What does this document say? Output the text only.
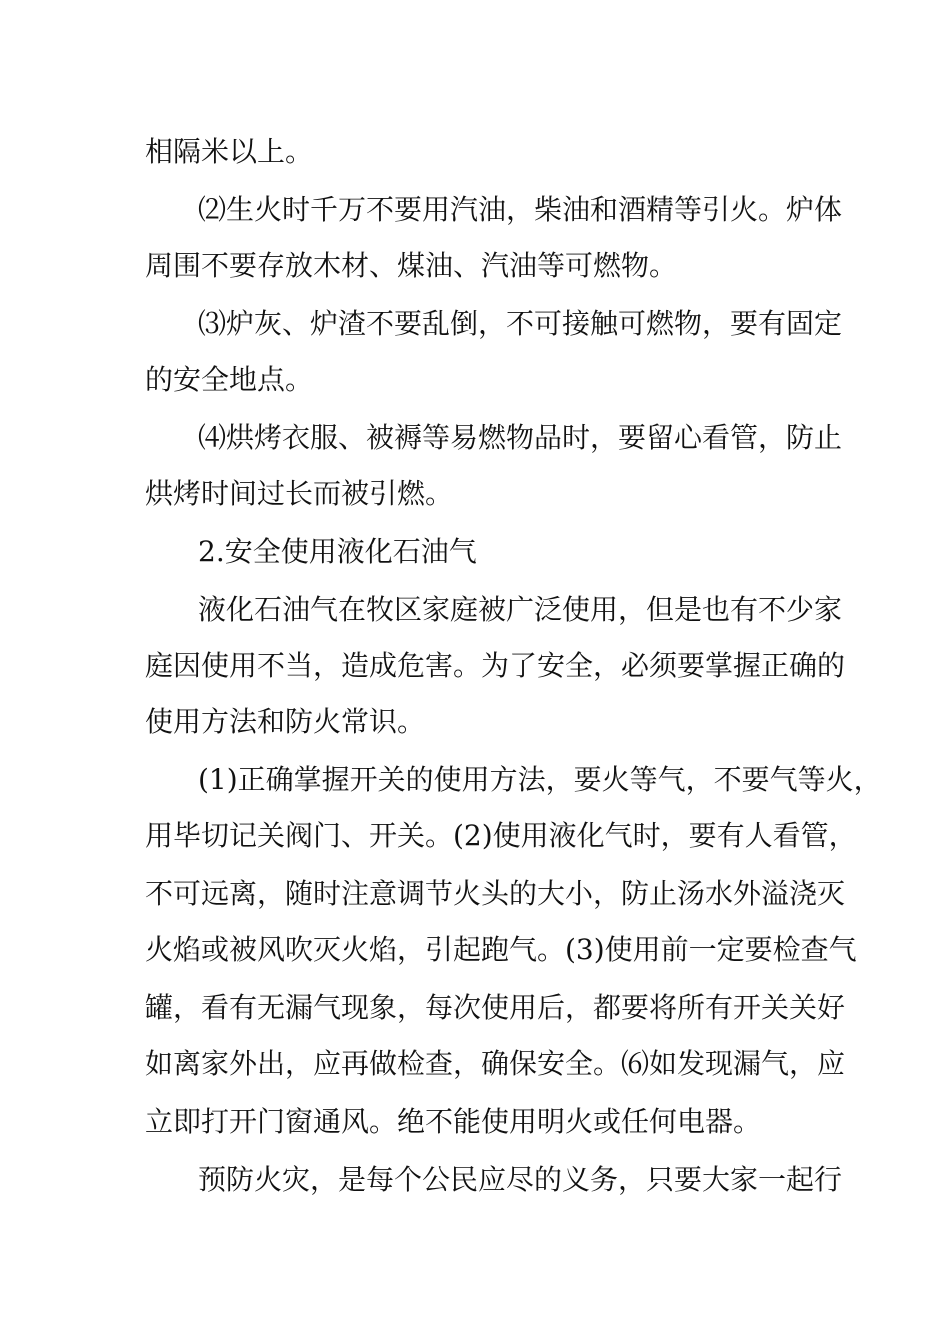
相隔米以上。
⑵生火时千万不要用汽油，柴油和酒精等引火。炉体
周围不要存放木材、煤油、汽油等可燃物。
⑶炉灰、炉渣不要乱倒，不可接触可燃物，要有固定
的安全地点。
⑷烘烤衣服、被褥等易燃物品时，要留心看管，防止
烘烤时间过长而被引燃。
2.安全使用液化石油气
液化石油气在牧区家庭被广泛使用，但是也有不少家
庭因使用不当，造成危害。为了安全，必须要掌握正确的
使用方法和防火常识。
(1)正确掌握开关的使用方法，要火等气，不要气等火，
用毕切记关阀门、开关。(2)使用液化气时，要有人看管，
不可远离，随时注意调节火头的大小，防止汤水外溢浇灭
火焰或被风吹灭火焰，引起跑气。(3)使用前一定要检查气
罐，看有无漏气现象，每次使用后，都要将所有开关关好
如离家外出，应再做检查，确保安全。⑹如发现漏气，应
立即打开门窗通风。绝不能使用明火或任何电器。
预防火灾，是每个公民应尽的义务，只要大家一起行
